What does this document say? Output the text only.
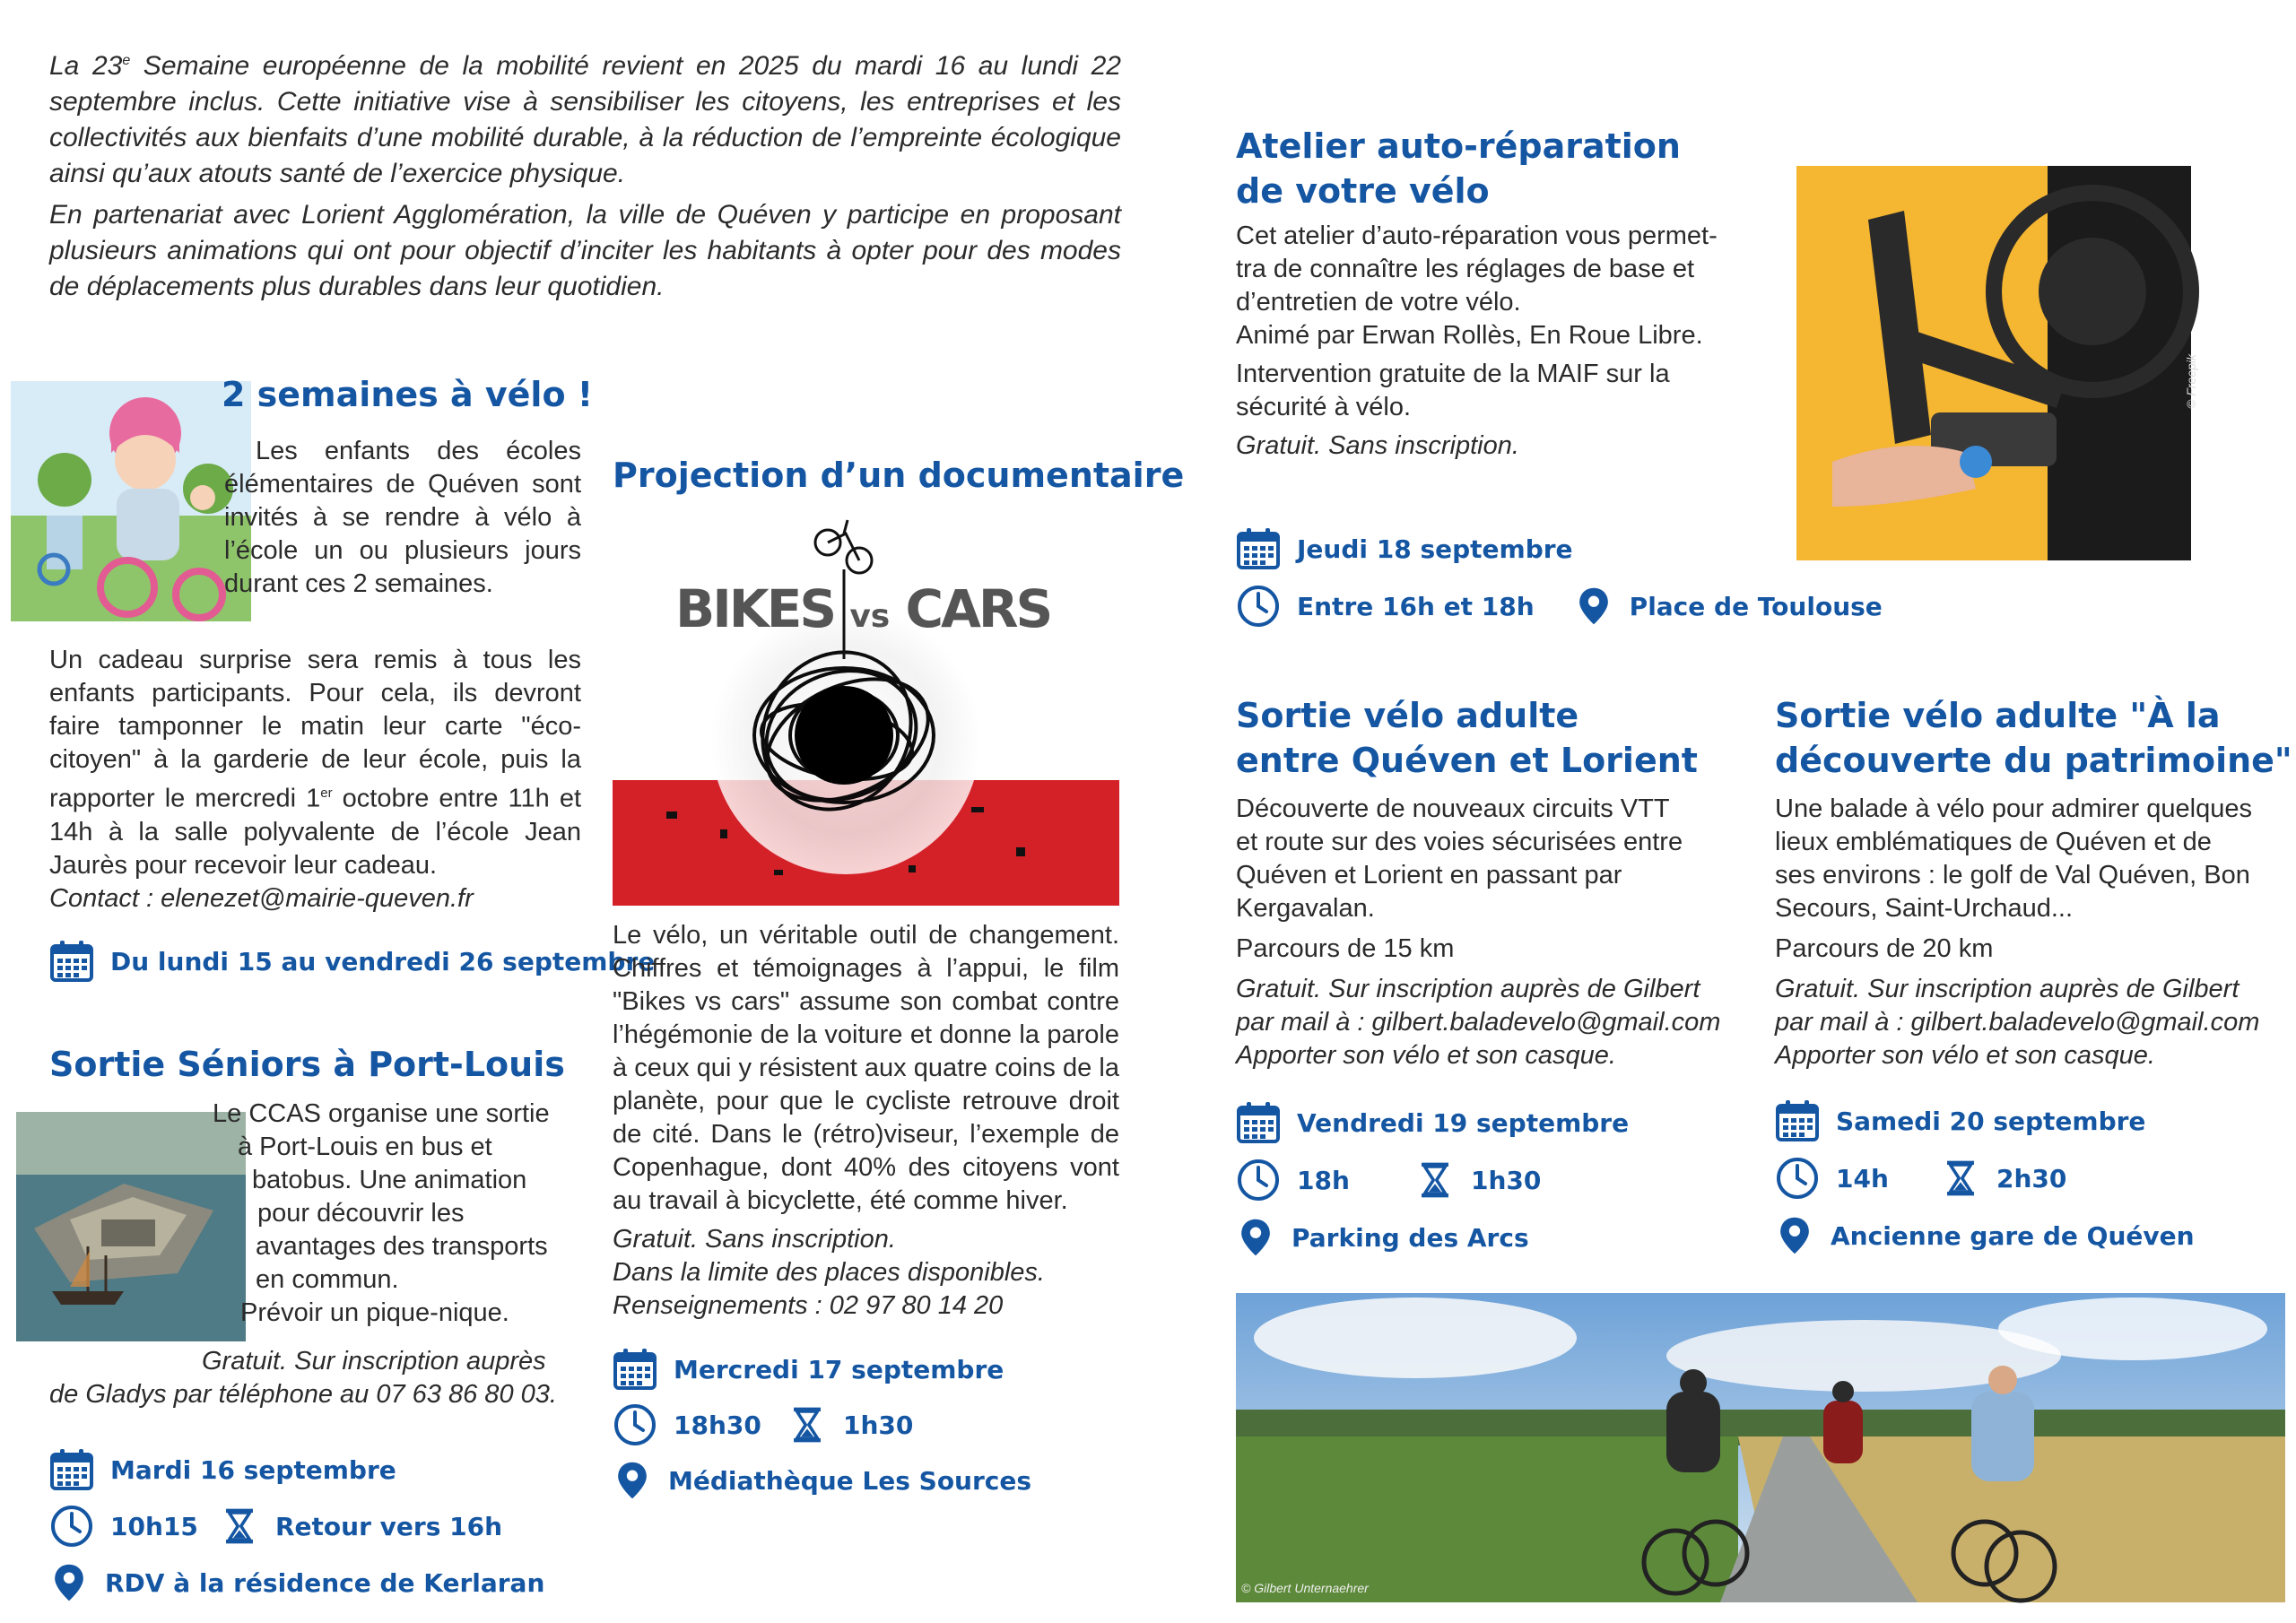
La 23e Semaine européenne de la mobilité revient en 2025 du mardi 16 au lundi 22 septembre inclus. Cette initiative vise à sensibiliser les citoyens, les entreprises et les collectivités aux bienfaits d’une mobilité durable, à la réduction de l’empreinte écologique ainsi qu’aux atouts santé de l’exercice physique.

En partenariat avec Lorient Agglomération, la ville de Quéven y participe en proposant plusieurs animations qui ont pour objectif d’inciter les habitants à opter pour des modes de déplacements plus durables dans leur quotidien.

2 semaines à vélo !
Les enfants des écoles élémentaires de Quéven sont invités à se rendre à vélo à l’école un ou plusieurs jours durant ces 2 semaines.
Un cadeau surprise sera remis à tous les enfants participants. Pour cela, ils devront faire tamponner le matin leur carte "éco-citoyen" à la garderie de leur école, puis la rapporter le mercredi 1er octobre entre 11h et 14h à la salle polyvalente de l’école Jean Jaurès pour recevoir leur cadeau.
Contact : elenezet@mairie-queven.fr
Du lundi 15 au vendredi 26 septembre
Sortie Séniors à Port-Louis

Le CCAS organise une sortie

à Port-Louis en bus et

batobus. Une animation

pour découvrir les

avantages des transports

en commun.

Prévoir un pique-nique.

Gratuit. Sur inscription auprès

de Gladys par téléphone au 07 63 86 80 03.

Mardi 16 septembre
10h15	Retour vers 16h
RDV à la résidence de Kerlaran
Projection d’un documentaire
BIKES vs CARS
Le vélo, un véritable outil de changement. Chiffres et témoignages à l’appui, le film "Bikes vs cars" assume son combat contre l’hégémonie de la voiture et donne la parole à ceux qui y résistent aux quatre coins de la planète, pour que le cycliste retrouve droit de cité. Dans le (rétro)viseur, l’exemple de Copenhague, dont 40% des citoyens vont au travail à bicyclette, été comme hiver.

Gratuit. Sans inscription.

Dans la limite des places disponibles.

Renseignements : 02 97 80 14 20

Mercredi 17 septembre
18h30	1h30
Médiathèque Les Sources
Atelier auto-réparation
de votre vélo

Cet atelier d’auto-réparation vous permet-

tra de connaître les réglages de base et

d’entretien de votre vélo.

Animé par Erwan Rollès, En Roue Libre.

Intervention gratuite de la MAIF sur la

sécurité à vélo.

Gratuit. Sans inscription.

© Freepik
Jeudi 18 septembre
Entre 16h et 18h	Place de Toulouse
Sortie vélo adulte
entre Quéven et Lorient

Découverte de nouveaux circuits VTT

et route sur des voies sécurisées entre

Quéven et Lorient en passant par

Kergavalan.

Parcours de 15 km

Gratuit. Sur inscription auprès de Gilbert

par mail à : gilbert.baladevelo@gmail.com

Apporter son vélo et son casque.

Vendredi 19 septembre
18h	1h30
Parking des Arcs
Sortie vélo adulte "À la
découverte du patrimoine"

Une balade à vélo pour admirer quelques

lieux emblématiques de Quéven et de

ses environs : le golf de Val Quéven, Bon

Secours, Saint-Urchaud...

Parcours de 20 km

Gratuit. Sur inscription auprès de Gilbert

par mail à : gilbert.baladevelo@gmail.com

Apporter son vélo et son casque.

Samedi 20 septembre
14h	2h30
Ancienne gare de Quéven
© Gilbert Unternaehrer
